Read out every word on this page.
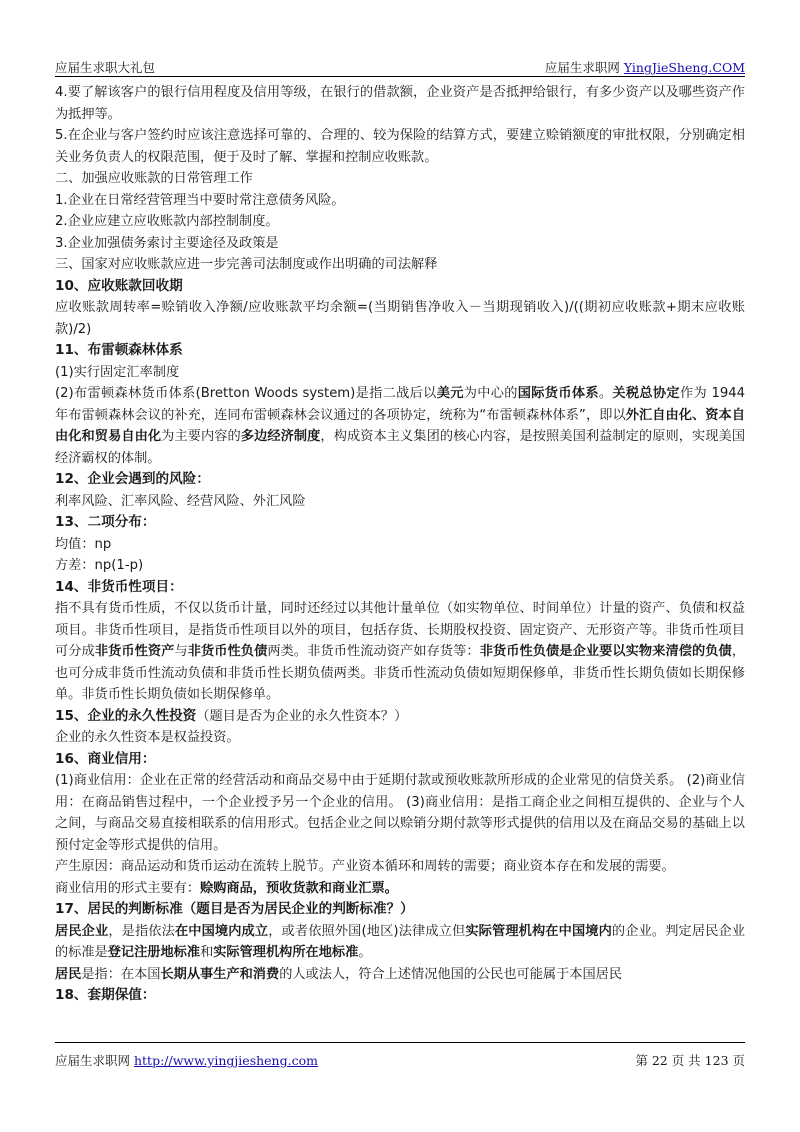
应届生求职大礼包	应届生求职网 YingJieSheng.COM

4.要了解该客户的银行信用程度及信用等级，在银行的借款额，企业资产是否抵押给银行，有多少资产以及哪些资产作为抵押等。

5.在企业与客户签约时应该注意选择可靠的、合理的、较为保险的结算方式，要建立赊销额度的审批权限，分别确定相关业务负责人的权限范围，便于及时了解、掌握和控制应收账款。

二、加强应收账款的日常管理工作

1.企业在日常经营管理当中要时常注意债务风险。

2.企业应建立应收账款内部控制制度。

3.企业加强债务索讨主要途径及政策是

三、国家对应收账款应进一步完善司法制度或作出明确的司法解释

10、应收账款回收期

应收账款周转率=赊销收入净额/应收账款平均余额=(当期销售净收入－当期现销收入)/((期初应收账款+期末应收账款)/2)

11、布雷顿森林体系

(1)实行固定汇率制度

(2)布雷顿森林货币体系(Bretton Woods system)是指二战后以美元为中心的国际货币体系。关税总协定作为 1944年布雷顿森林会议的补充，连同布雷顿森林会议通过的各项协定，统称为“布雷顿森林体系”，即以外汇自由化、资本自由化和贸易自由化为主要内容的多边经济制度，构成资本主义集团的核心内容，是按照美国利益制定的原则，实现美国经济霸权的体制。

12、企业会遇到的风险：

利率风险、汇率风险、经营风险、外汇风险

13、二项分布：

均值：np

方差：np(1-p)

14、非货币性项目：

指不具有货币性质，不仅以货币计量，同时还经过以其他计量单位（如实物单位、时间单位）计量的资产、负债和权益项目。非货币性项目，是指货币性项目以外的项目，包括存货、长期股权投资、固定资产、无形资产等。非货币性项目可分成非货币性资产与非货币性负债两类。非货币性流动资产如存货等：非货币性负债是企业要以实物来清偿的负债，也可分成非货币性流动负债和非货币性长期负债两类。非货币性流动负债如短期保修单，非货币性长期负债如长期保修单。非货币性长期负债如长期保修单。

15、企业的永久性投资（题目是否为企业的永久性资本？）

企业的永久性资本是权益投资。

16、商业信用：

(1)商业信用：企业在正常的经营活动和商品交易中由于延期付款或预收账款所形成的企业常见的信贷关系。 (2)商业信用：在商品销售过程中，一个企业授予另一个企业的信用。 (3)商业信用：是指工商企业之间相互提供的、企业与个人之间，与商品交易直接相联系的信用形式。包括企业之间以赊销分期付款等形式提供的信用以及在商品交易的基础上以预付定金等形式提供的信用。

产生原因：商品运动和货币运动在流转上脱节。产业资本循环和周转的需要；商业资本存在和发展的需要。

商业信用的形式主要有：赊购商品，预收货款和商业汇票。

17、居民的判断标准（题目是否为居民企业的判断标准？）

居民企业，是指依法在中国境内成立，或者依照外国(地区)法律成立但实际管理机构在中国境内的企业。判定居民企业的标准是登记注册地标准和实际管理机构所在地标准。

居民是指：在本国长期从事生产和消费的人或法人，符合上述情况他国的公民也可能属于本国居民

18、套期保值：

应届生求职网 http://www.yingjiesheng.com	第 22 页 共 123 页
